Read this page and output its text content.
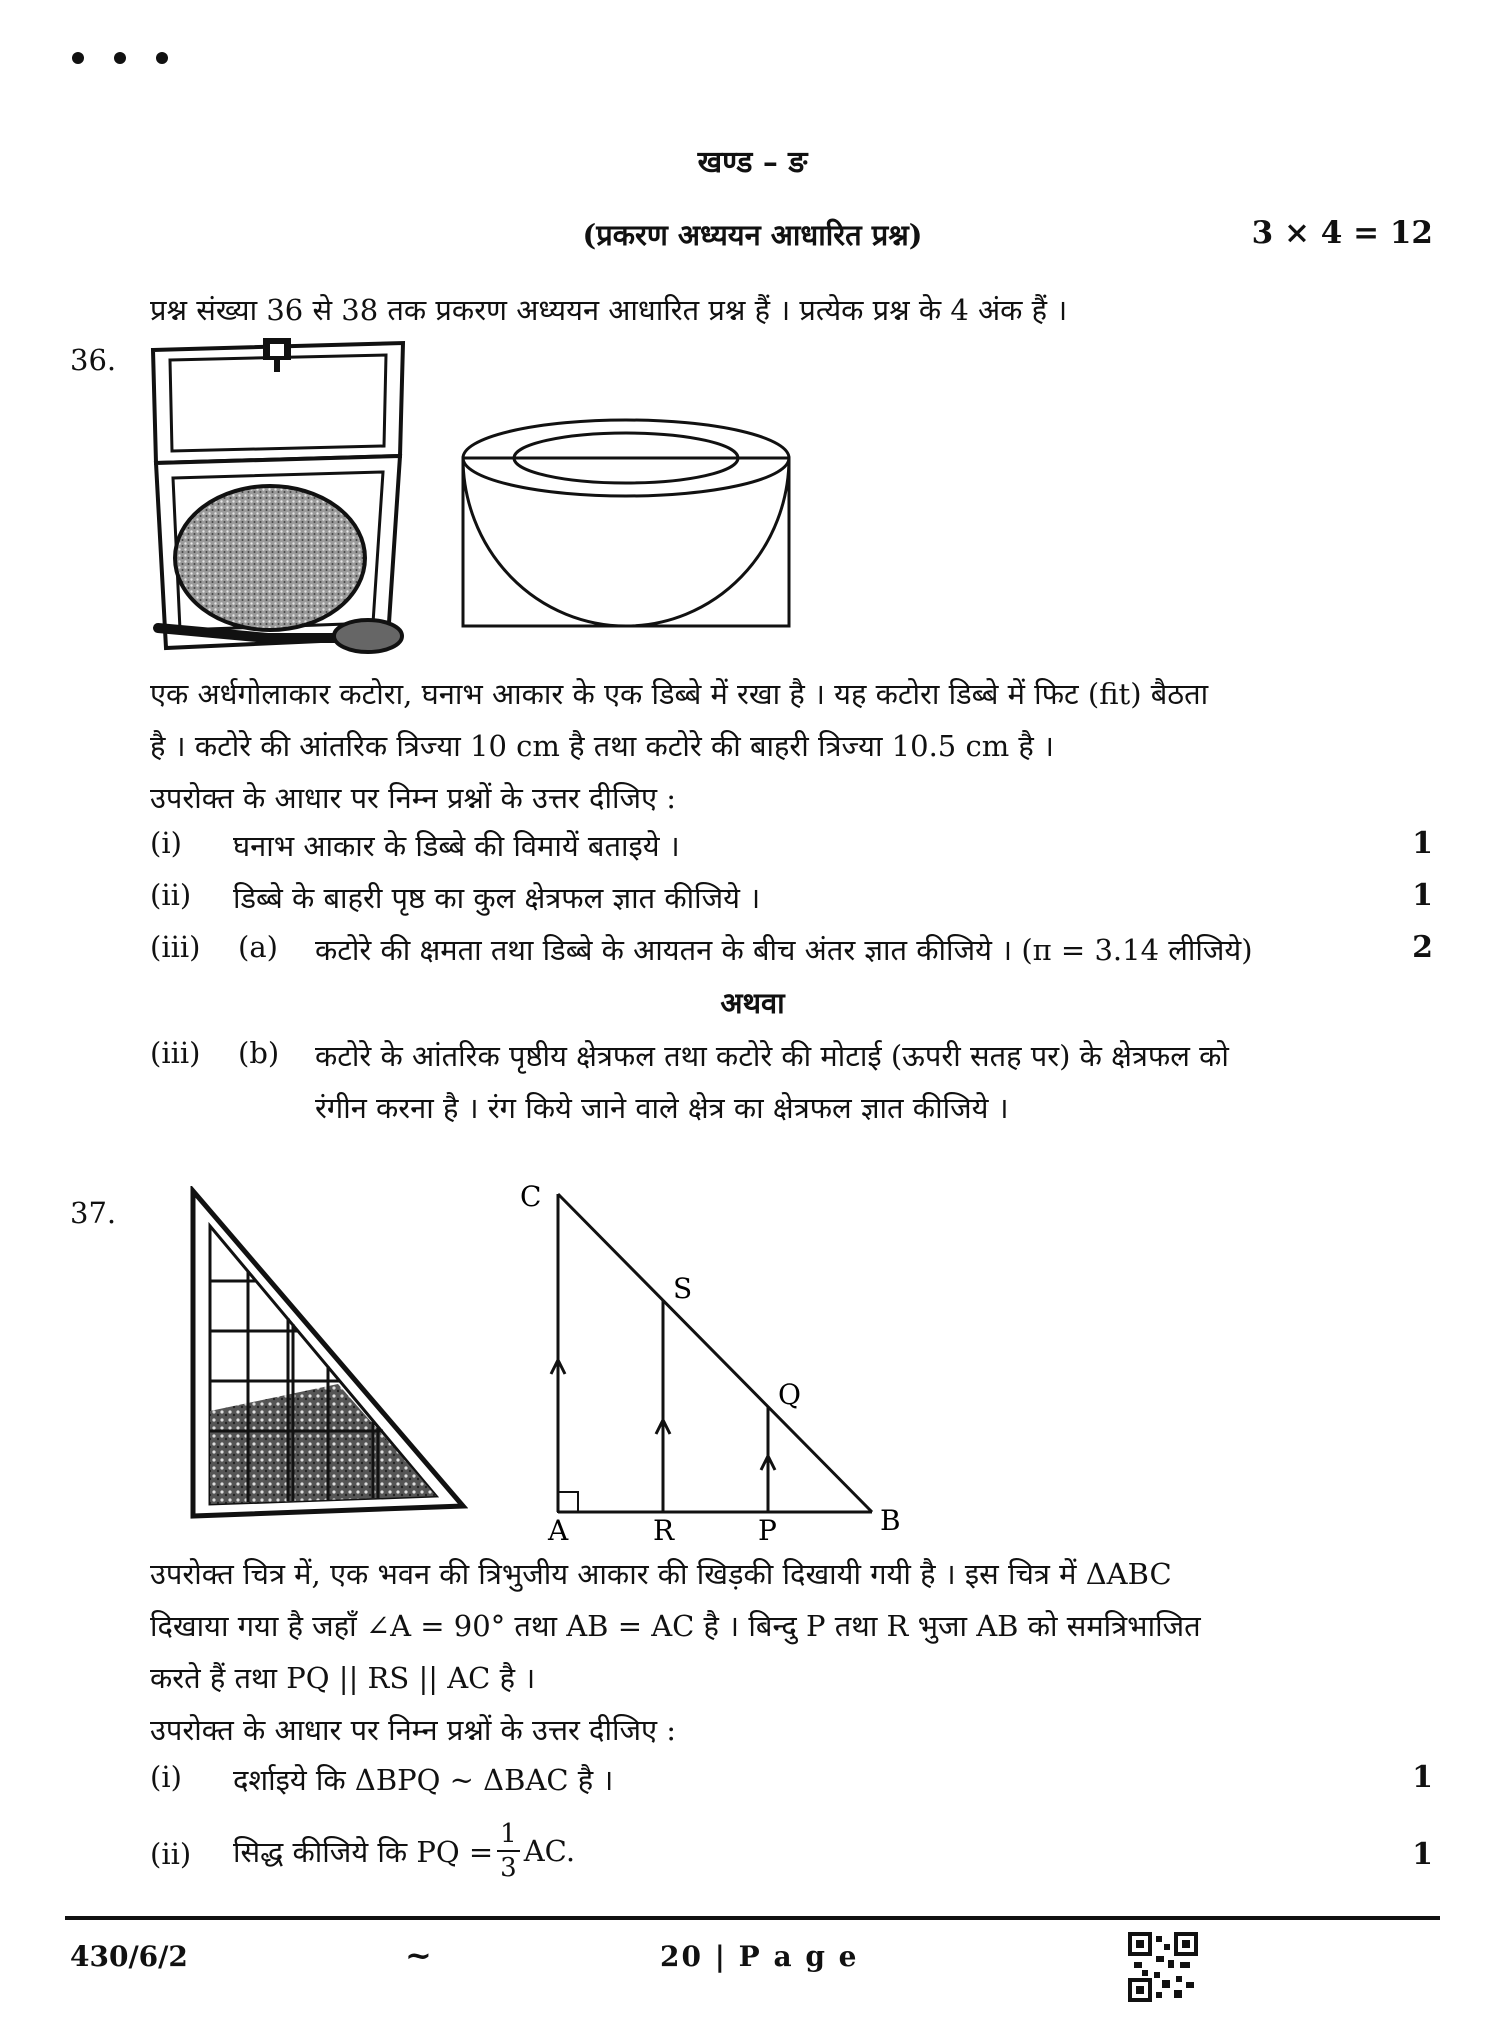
खण्ड – ङ
(प्रकरण अध्ययन आधारित प्रश्न)	3 × 4 = 12
प्रश्न संख्या 36 से 38 तक प्रकरण अध्ययन आधारित प्रश्न हैं । प्रत्येक प्रश्न के 4 अंक हैं ।
36.
एक अर्धगोलाकार कटोरा, घनाभ आकार के एक डिब्बे में रखा है । यह कटोरा डिब्बे में फिट (fit) बैठता
है । कटोरे की आंतरिक त्रिज्या 10 cm है तथा कटोरे की बाहरी त्रिज्या 10.5 cm है ।
उपरोक्त के आधार पर निम्न प्रश्नों के उत्तर दीजिए :
(i) घनाभ आकार के डिब्बे की विमायें बताइये ।	1
(ii) डिब्बे के बाहरी पृष्ठ का कुल क्षेत्रफल ज्ञात कीजिये ।	1
(iii) (a) कटोरे की क्षमता तथा डिब्बे के आयतन के बीच अंतर ज्ञात कीजिये । (π = 3.14 लीजिये)	2
अथवा
(iii) (b) कटोरे के आंतरिक पृष्ठीय क्षेत्रफल तथा कटोरे की मोटाई (ऊपरी सतह पर) के क्षेत्रफल को
रंगीन करना है । रंग किये जाने वाले क्षेत्र का क्षेत्रफल ज्ञात कीजिये ।
37.	C
S
Q
A	R	P	B
उपरोक्त चित्र में, एक भवन की त्रिभुजीय आकार की खिड़की दिखायी गयी है । इस चित्र में ΔABC
दिखाया गया है जहाँ ∠A = 90° तथा AB = AC है । बिन्दु P तथा R भुजा AB को समत्रिभाजित
करते हैं तथा PQ || RS || AC है ।
उपरोक्त के आधार पर निम्न प्रश्नों के उत्तर दीजिए :
(i) दर्शाइये कि ΔBPQ ~ ΔBAC है ।	1
(ii) सिद्ध कीजिये कि PQ = $\frac{1}{3}$ AC.	1
430/6/2	~	20 | P a g e
